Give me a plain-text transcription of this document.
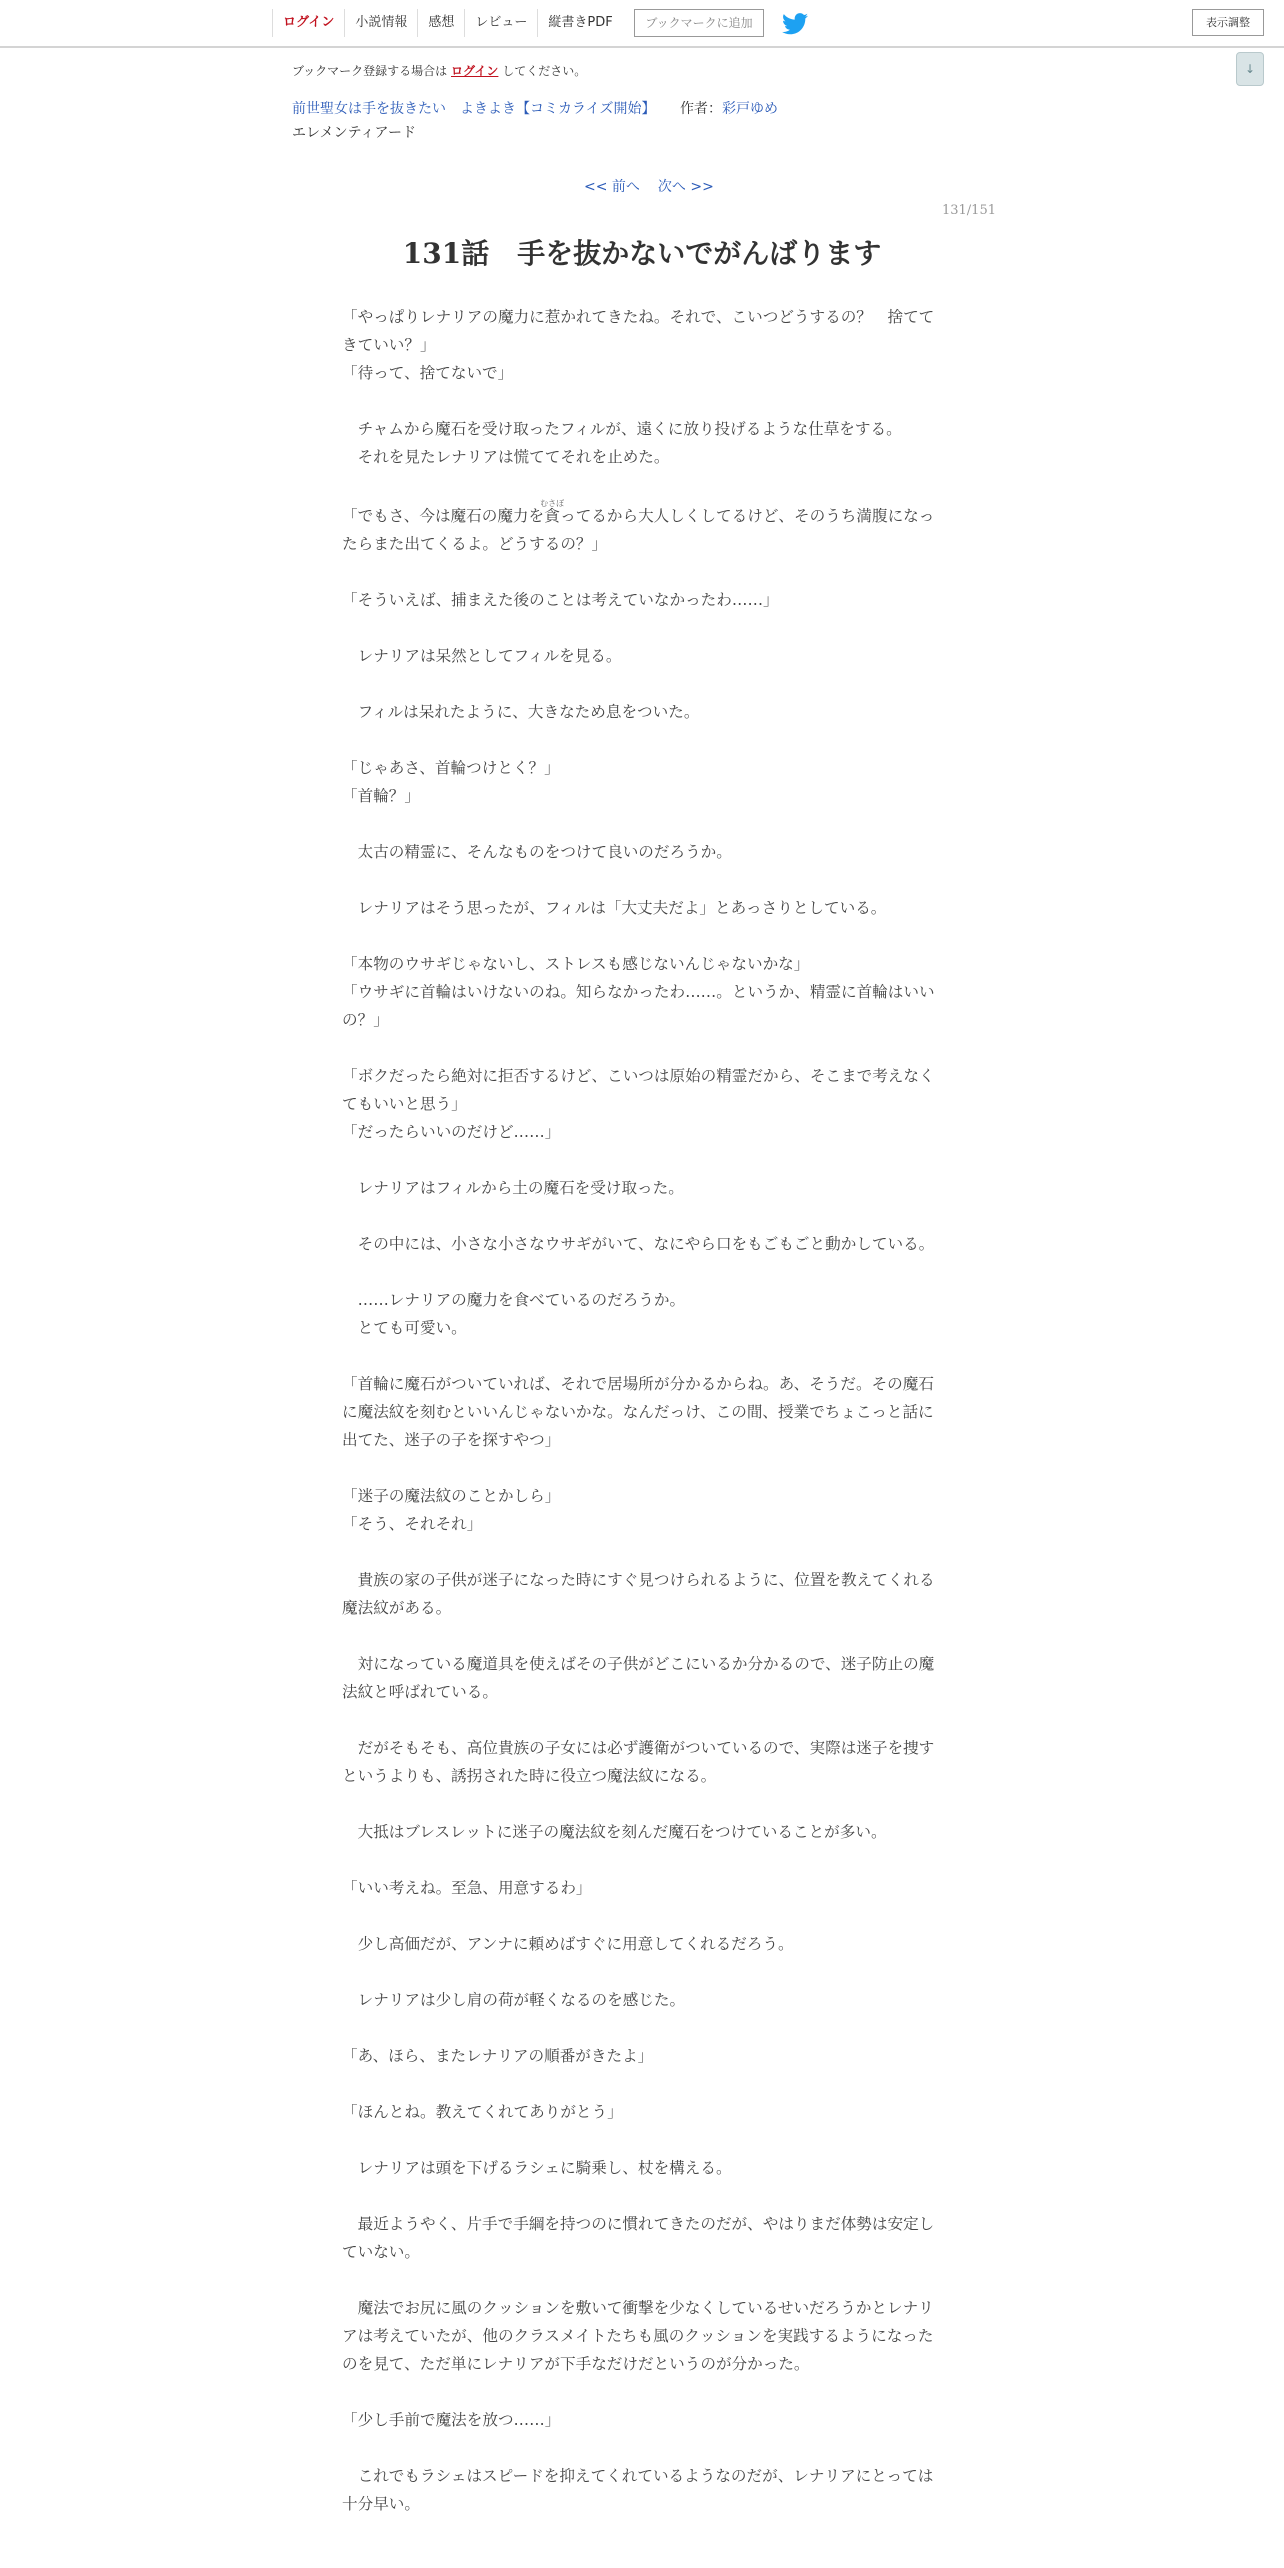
ログイン	小説情報	感想	レビュー	縦書きPDF	ブックマークに追加	表示調整
ブックマーク登録する場合は ログイン してください。
前世聖女は手を抜きたい　よきよき【コミカライズ開始】 作者：彩戸ゆめ
エレメンティアード
↓
<< 前へ 次へ >>
131/151
131話　手を抜かないでがんばります

「やっぱりレナリアの魔力に惹かれてきたね。それで、こいつどうするの？　捨ててきていい？」

「待って、捨てないで」

　チャムから魔石を受け取ったフィルが、遠くに放り投げるような仕草をする。

　それを見たレナリアは慌ててそれを止めた。

「でもさ、今は魔石の魔力を貪むさぼってるから大人しくしてるけど、そのうち満腹になったらまた出てくるよ。どうするの？」

「そういえば、捕まえた後のことは考えていなかったわ……」

　レナリアは呆然としてフィルを見る。

　フィルは呆れたように、大きなため息をついた。

「じゃあさ、首輪つけとく？」

「首輪？」

　太古の精霊に、そんなものをつけて良いのだろうか。

　レナリアはそう思ったが、フィルは「大丈夫だよ」とあっさりとしている。

「本物のウサギじゃないし、ストレスも感じないんじゃないかな」

「ウサギに首輪はいけないのね。知らなかったわ……。というか、精霊に首輪はいいの？」

「ボクだったら絶対に拒否するけど、こいつは原始の精霊だから、そこまで考えなくてもいいと思う」

「だったらいいのだけど……」

　レナリアはフィルから土の魔石を受け取った。

　その中には、小さな小さなウサギがいて、なにやら口をもごもごと動かしている。

　……レナリアの魔力を食べているのだろうか。

　とても可愛い。

「首輪に魔石がついていれば、それで居場所が分かるからね。あ、そうだ。その魔石に魔法紋を刻むといいんじゃないかな。なんだっけ、この間、授業でちょこっと話に出てた、迷子の子を探すやつ」

「迷子の魔法紋のことかしら」

「そう、それそれ」

　貴族の家の子供が迷子になった時にすぐ見つけられるように、位置を教えてくれる魔法紋がある。

　対になっている魔道具を使えばその子供がどこにいるか分かるので、迷子防止の魔法紋と呼ばれている。

　だがそもそも、高位貴族の子女には必ず護衛がついているので、実際は迷子を捜すというよりも、誘拐された時に役立つ魔法紋になる。

　大抵はブレスレットに迷子の魔法紋を刻んだ魔石をつけていることが多い。

「いい考えね。至急、用意するわ」

　少し高価だが、アンナに頼めばすぐに用意してくれるだろう。

　レナリアは少し肩の荷が軽くなるのを感じた。

「あ、ほら、またレナリアの順番がきたよ」

「ほんとね。教えてくれてありがとう」

　レナリアは頭を下げるラシェに騎乗し、杖を構える。

　最近ようやく、片手で手綱を持つのに慣れてきたのだが、やはりまだ体勢は安定していない。

　魔法でお尻に風のクッションを敷いて衝撃を少なくしているせいだろうかとレナリアは考えていたが、他のクラスメイトたちも風のクッションを実践するようになったのを見て、ただ単にレナリアが下手なだけだというのが分かった。

「少し手前で魔法を放つ……」

　これでもラシェはスピードを抑えてくれているようなのだが、レナリアにとっては十分早い。
